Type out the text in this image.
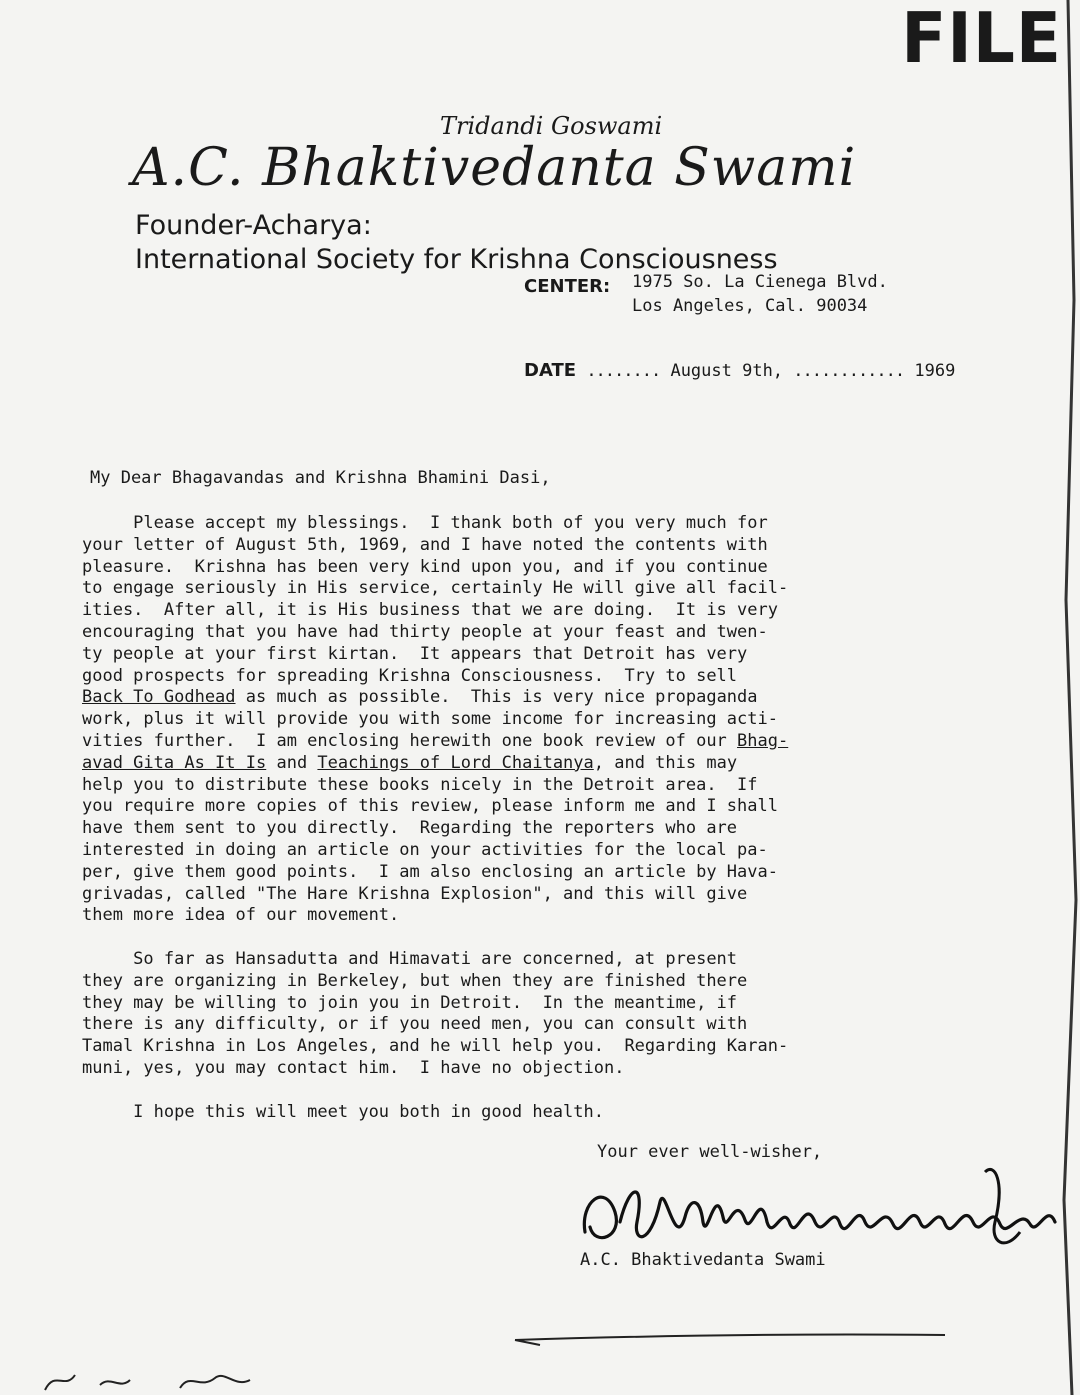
FILE
Tridandi Goswami
A.C. Bhaktivedanta Swami
Founder-Acharya:
International Society for Krishna Consciousness
CENTER: 1975 So. La Cienega Blvd.
Los Angeles, Cal. 90034
DATE ........ August 9th, ............ 1969
My Dear Bhagavandas and Krishna Bhamini Dasi,
Please accept my blessings.  I thank both of you very much for
your letter of August 5th, 1969, and I have noted the contents with
pleasure.  Krishna has been very kind upon you, and if you continue
to engage seriously in His service, certainly He will give all facil-
ities.  After all, it is His business that we are doing.  It is very
encouraging that you have had thirty people at your feast and twen-
ty people at your first kirtan.  It appears that Detroit has very
good prospects for spreading Krishna Consciousness.  Try to sell
Back To Godhead as much as possible.  This is very nice propaganda
work, plus it will provide you with some income for increasing acti-
vities further.  I am enclosing herewith one book review of our Bhag-
avad Gita As It Is and Teachings of Lord Chaitanya, and this may
help you to distribute these books nicely in the Detroit area.  If
you require more copies of this review, please inform me and I shall
have them sent to you directly.  Regarding the reporters who are
interested in doing an article on your activities for the local pa-
per, give them good points.  I am also enclosing an article by Hava-
grivadas, called "The Hare Krishna Explosion", and this will give
them more idea of our movement.

So far as Hansadutta and Himavati are concerned, at present
they are organizing in Berkeley, but when they are finished there
they may be willing to join you in Detroit.  In the meantime, if
there is any difficulty, or if you need men, you can consult with
Tamal Krishna in Los Angeles, and he will help you.  Regarding Karan-
muni, yes, you may contact him.  I have no objection.

I hope this will meet you both in good health.
Your ever well-wisher,
A.C. Bhaktivedanta Swami
